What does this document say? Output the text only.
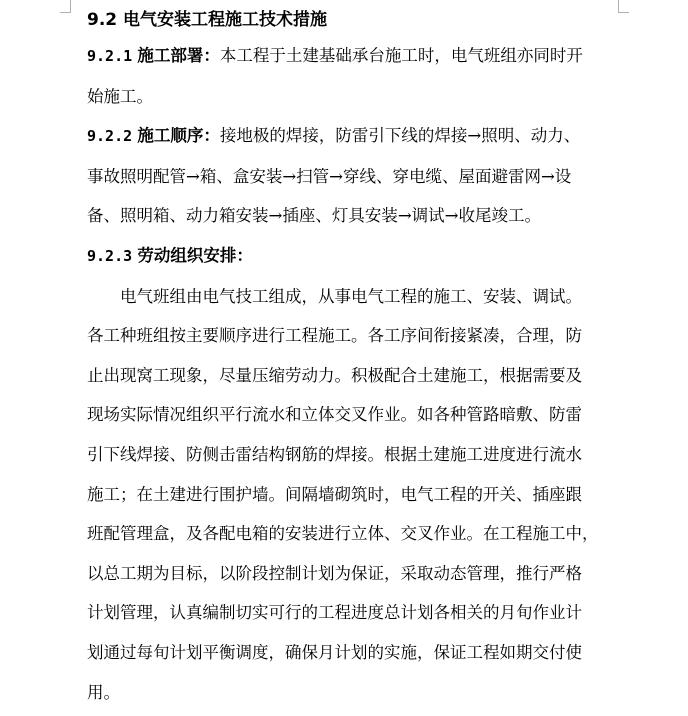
9.2 电气安装工程施工技术措施

9.2.1 施工部署：本工程于土建基础承台施工时，电气班组亦同时开
始施工。

9.2.2 施工顺序：接地极的焊接，防雷引下线的焊接→照明、动力、
事故照明配管→箱、盒安装→扫管→穿线、穿电缆、屋面避雷网→设
备、照明箱、动力箱安装→插座、灯具安装→调试→收尾竣工。

9.2.3 劳动组织安排：

电气班组由电气技工组成，从事电气工程的施工、安装、调试。
各工种班组按主要顺序进行工程施工。各工序间衔接紧凑，合理，防
止出现窝工现象，尽量压缩劳动力。积极配合土建施工，根据需要及
现场实际情况组织平行流水和立体交叉作业。如各种管路暗敷、防雷
引下线焊接、防侧击雷结构钢筋的焊接。根据土建施工进度进行流水
施工；在土建进行围护墙。间隔墙砌筑时，电气工程的开关、插座跟
班配管理盒，及各配电箱的安装进行立体、交叉作业。在工程施工中，
以总工期为目标，以阶段控制计划为保证，采取动态管理，推行严格
计划管理，认真编制切实可行的工程进度总计划各相关的月旬作业计
划通过每旬计划平衡调度，确保月计划的实施，保证工程如期交付使
用。
